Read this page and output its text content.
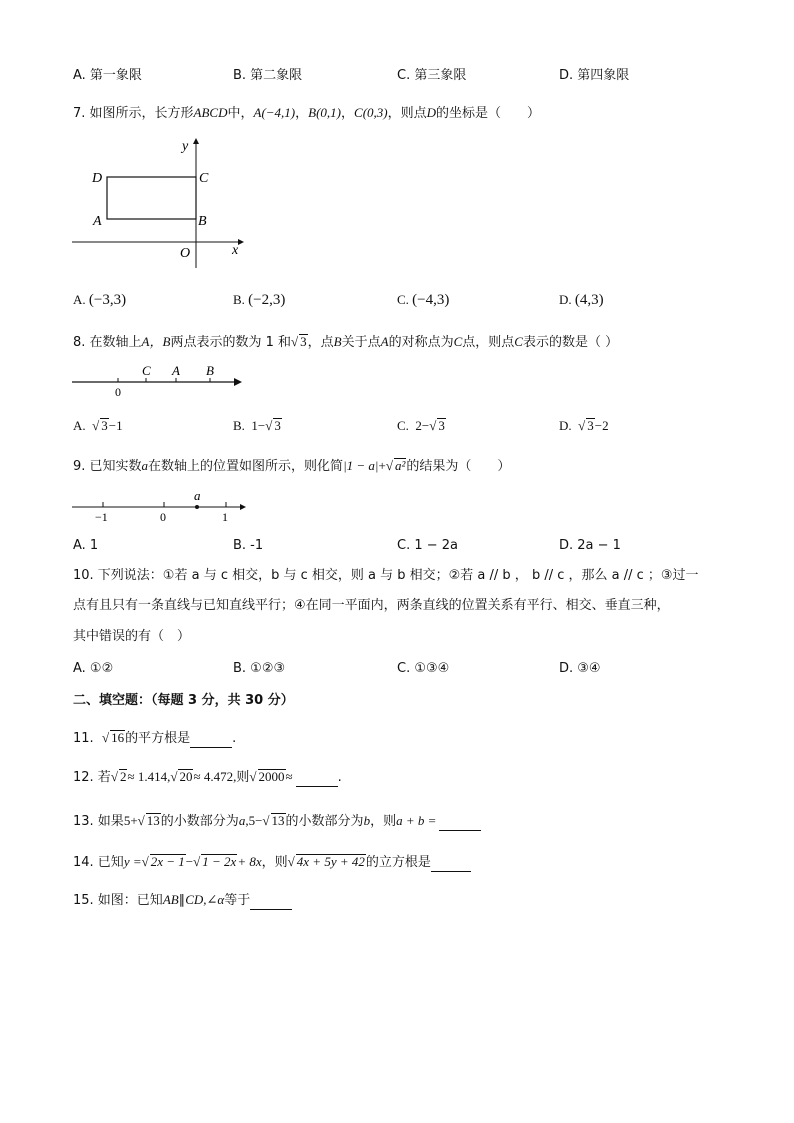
A. 第一象限	B. 第二象限	C. 第三象限	D. 第四象限
7. 如图所示，长方形ABCD中，A(−4,1)，B(0,1)，C(0,3)，则点D的坐标是（　　）
y
D	C
A	B
O	x
A. (−3,3)	B. (−2,3)	C. (−4,3)	D. (4,3)
8. 在数轴上A，B两点表示的数为 1 和√ 3，点B关于点A的对称点为C点，则点C表示的数是（ ）
C A B
0
A.  √ 3−1	B. 1−√ 3	C. 2−√ 3	D.  √ 3−2
9. 已知实数a在数轴上的位置如图所示，则化简|1 − a|+√ a²的结果为（　　）
a
−1	0	1
A. 1	B. -1	C. 1 − 2a	D. 2a − 1
10. 下列说法：①若 a 与 c 相交，b 与 c 相交，则 a 与 b 相交；②若 a // b ， b // c ，那么 a // c ；③过一
点有且只有一条直线与已知直线平行；④在同一平面内，两条直线的位置关系有平行、相交、垂直三种，
其中错误的有（　）
A. ①②	B. ①②③	C. ①③④	D. ③④
二、填空题：（每题 3 分，共 30 分）
11. √ 16的平方根是	.
12. 若√ 2≈ 1.414,√ 20≈ 4.472,则√ 2000≈	.
13. 如果5+√ 13的小数部分为a,5−√ 13的小数部分为b，则a + b =
14. 已知y =√ 2x − 1−√ 1 − 2x+ 8x，则√ 4x + 5y + 42的立方根是
15. 如图：已知AB∥CD,∠α等于
